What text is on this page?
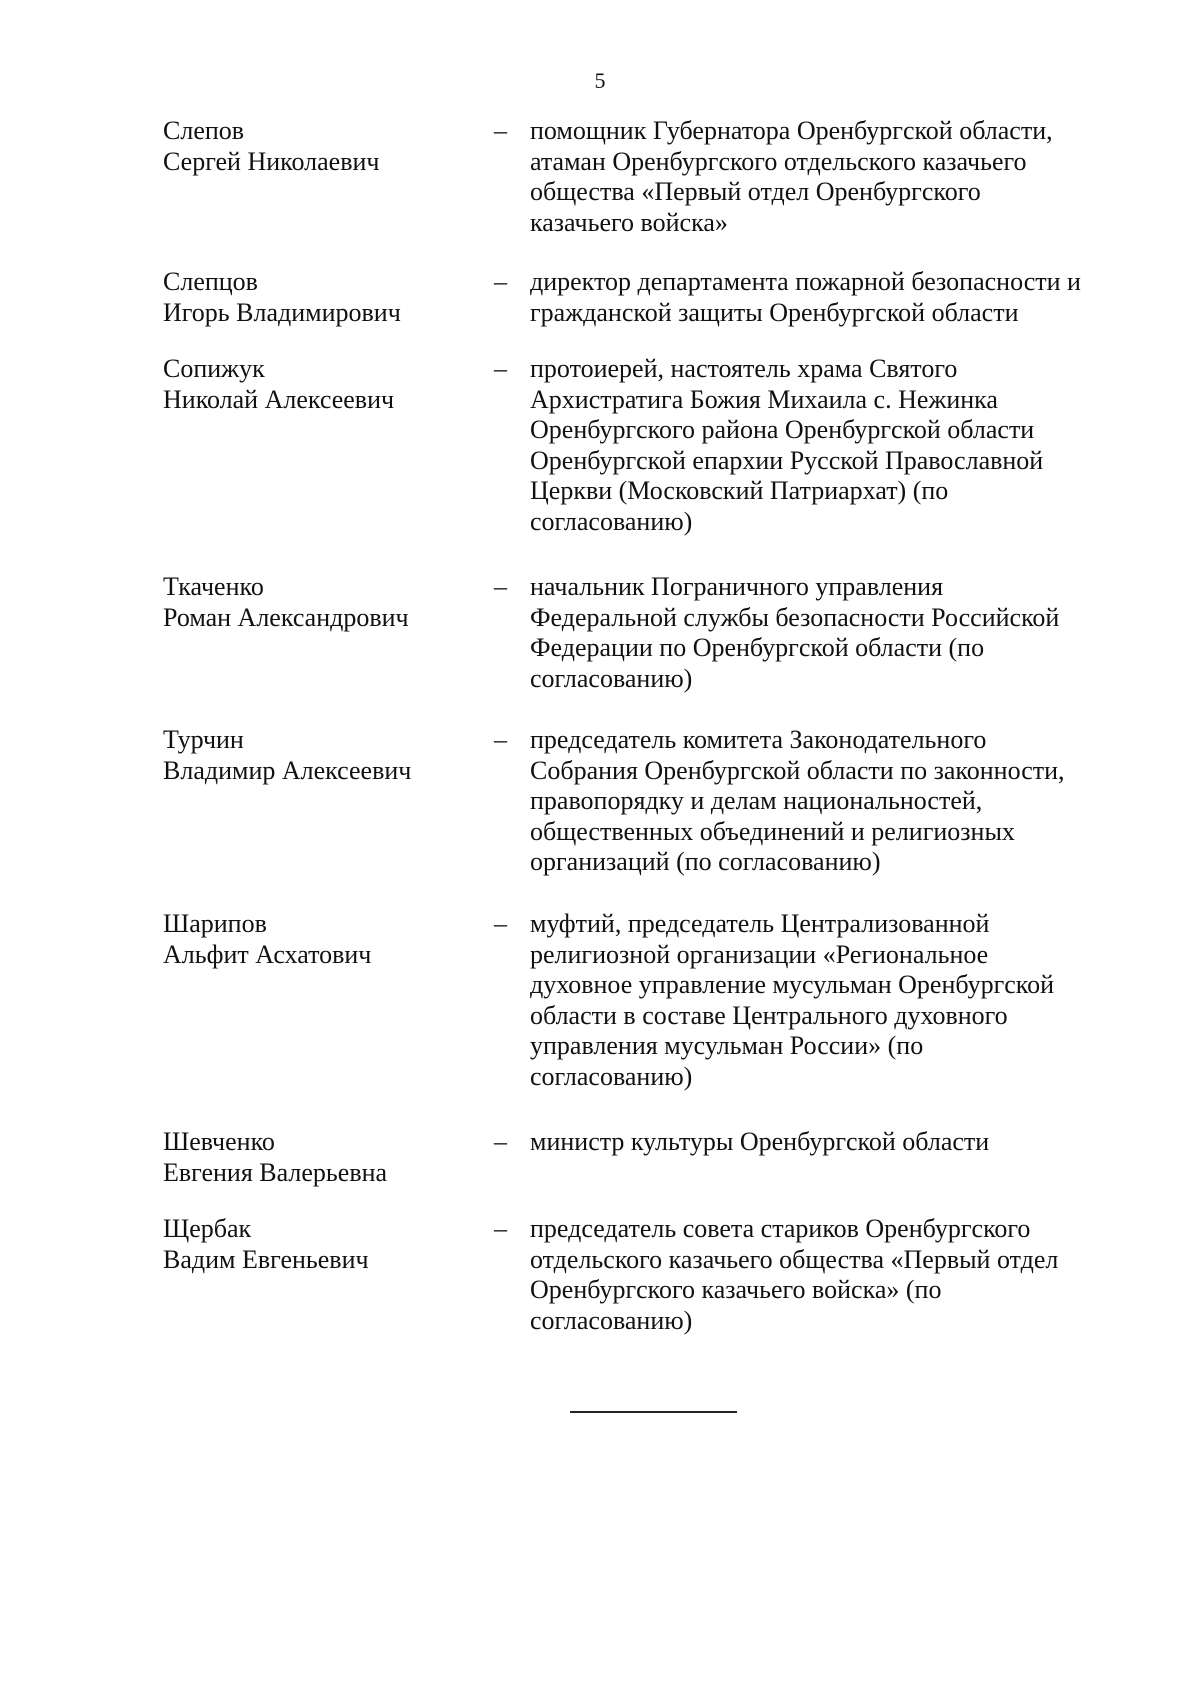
5
Слепов
Сергей Николаевич
– помощник Губернатора Оренбургской области,
атаман Оренбургского отдельского казачьего
общества «Первый отдел Оренбургского
казачьего войска»
Слепцов
Игорь Владимирович
– директор департамента пожарной безопасности и
гражданской защиты Оренбургской области
Сопижук
Николай Алексеевич
– протоиерей, настоятель храма Святого
Архистратига Божия Михаила с. Нежинка
Оренбургского района Оренбургской области
Оренбургской епархии Русской Православной
Церкви (Московский Патриархат) (по
согласованию)
Ткаченко
Роман Александрович
– начальник Пограничного управления
Федеральной службы безопасности Российской
Федерации по Оренбургской области (по
согласованию)
Турчин
Владимир Алексеевич
– председатель комитета Законодательного
Собрания Оренбургской области по законности,
правопорядку и делам национальностей,
общественных объединений и религиозных
организаций (по согласованию)
Шарипов
Альфит Асхатович
– муфтий, председатель Централизованной
религиозной организации «Региональное
духовное управление мусульман Оренбургской
области в составе Центрального духовного
управления мусульман России» (по
согласованию)
Шевченко
Евгения Валерьевна
– министр культуры Оренбургской области
Щербак
Вадим Евгеньевич
– председатель совета стариков Оренбургского
отдельского казачьего общества «Первый отдел
Оренбургского казачьего войска» (по
согласованию)
